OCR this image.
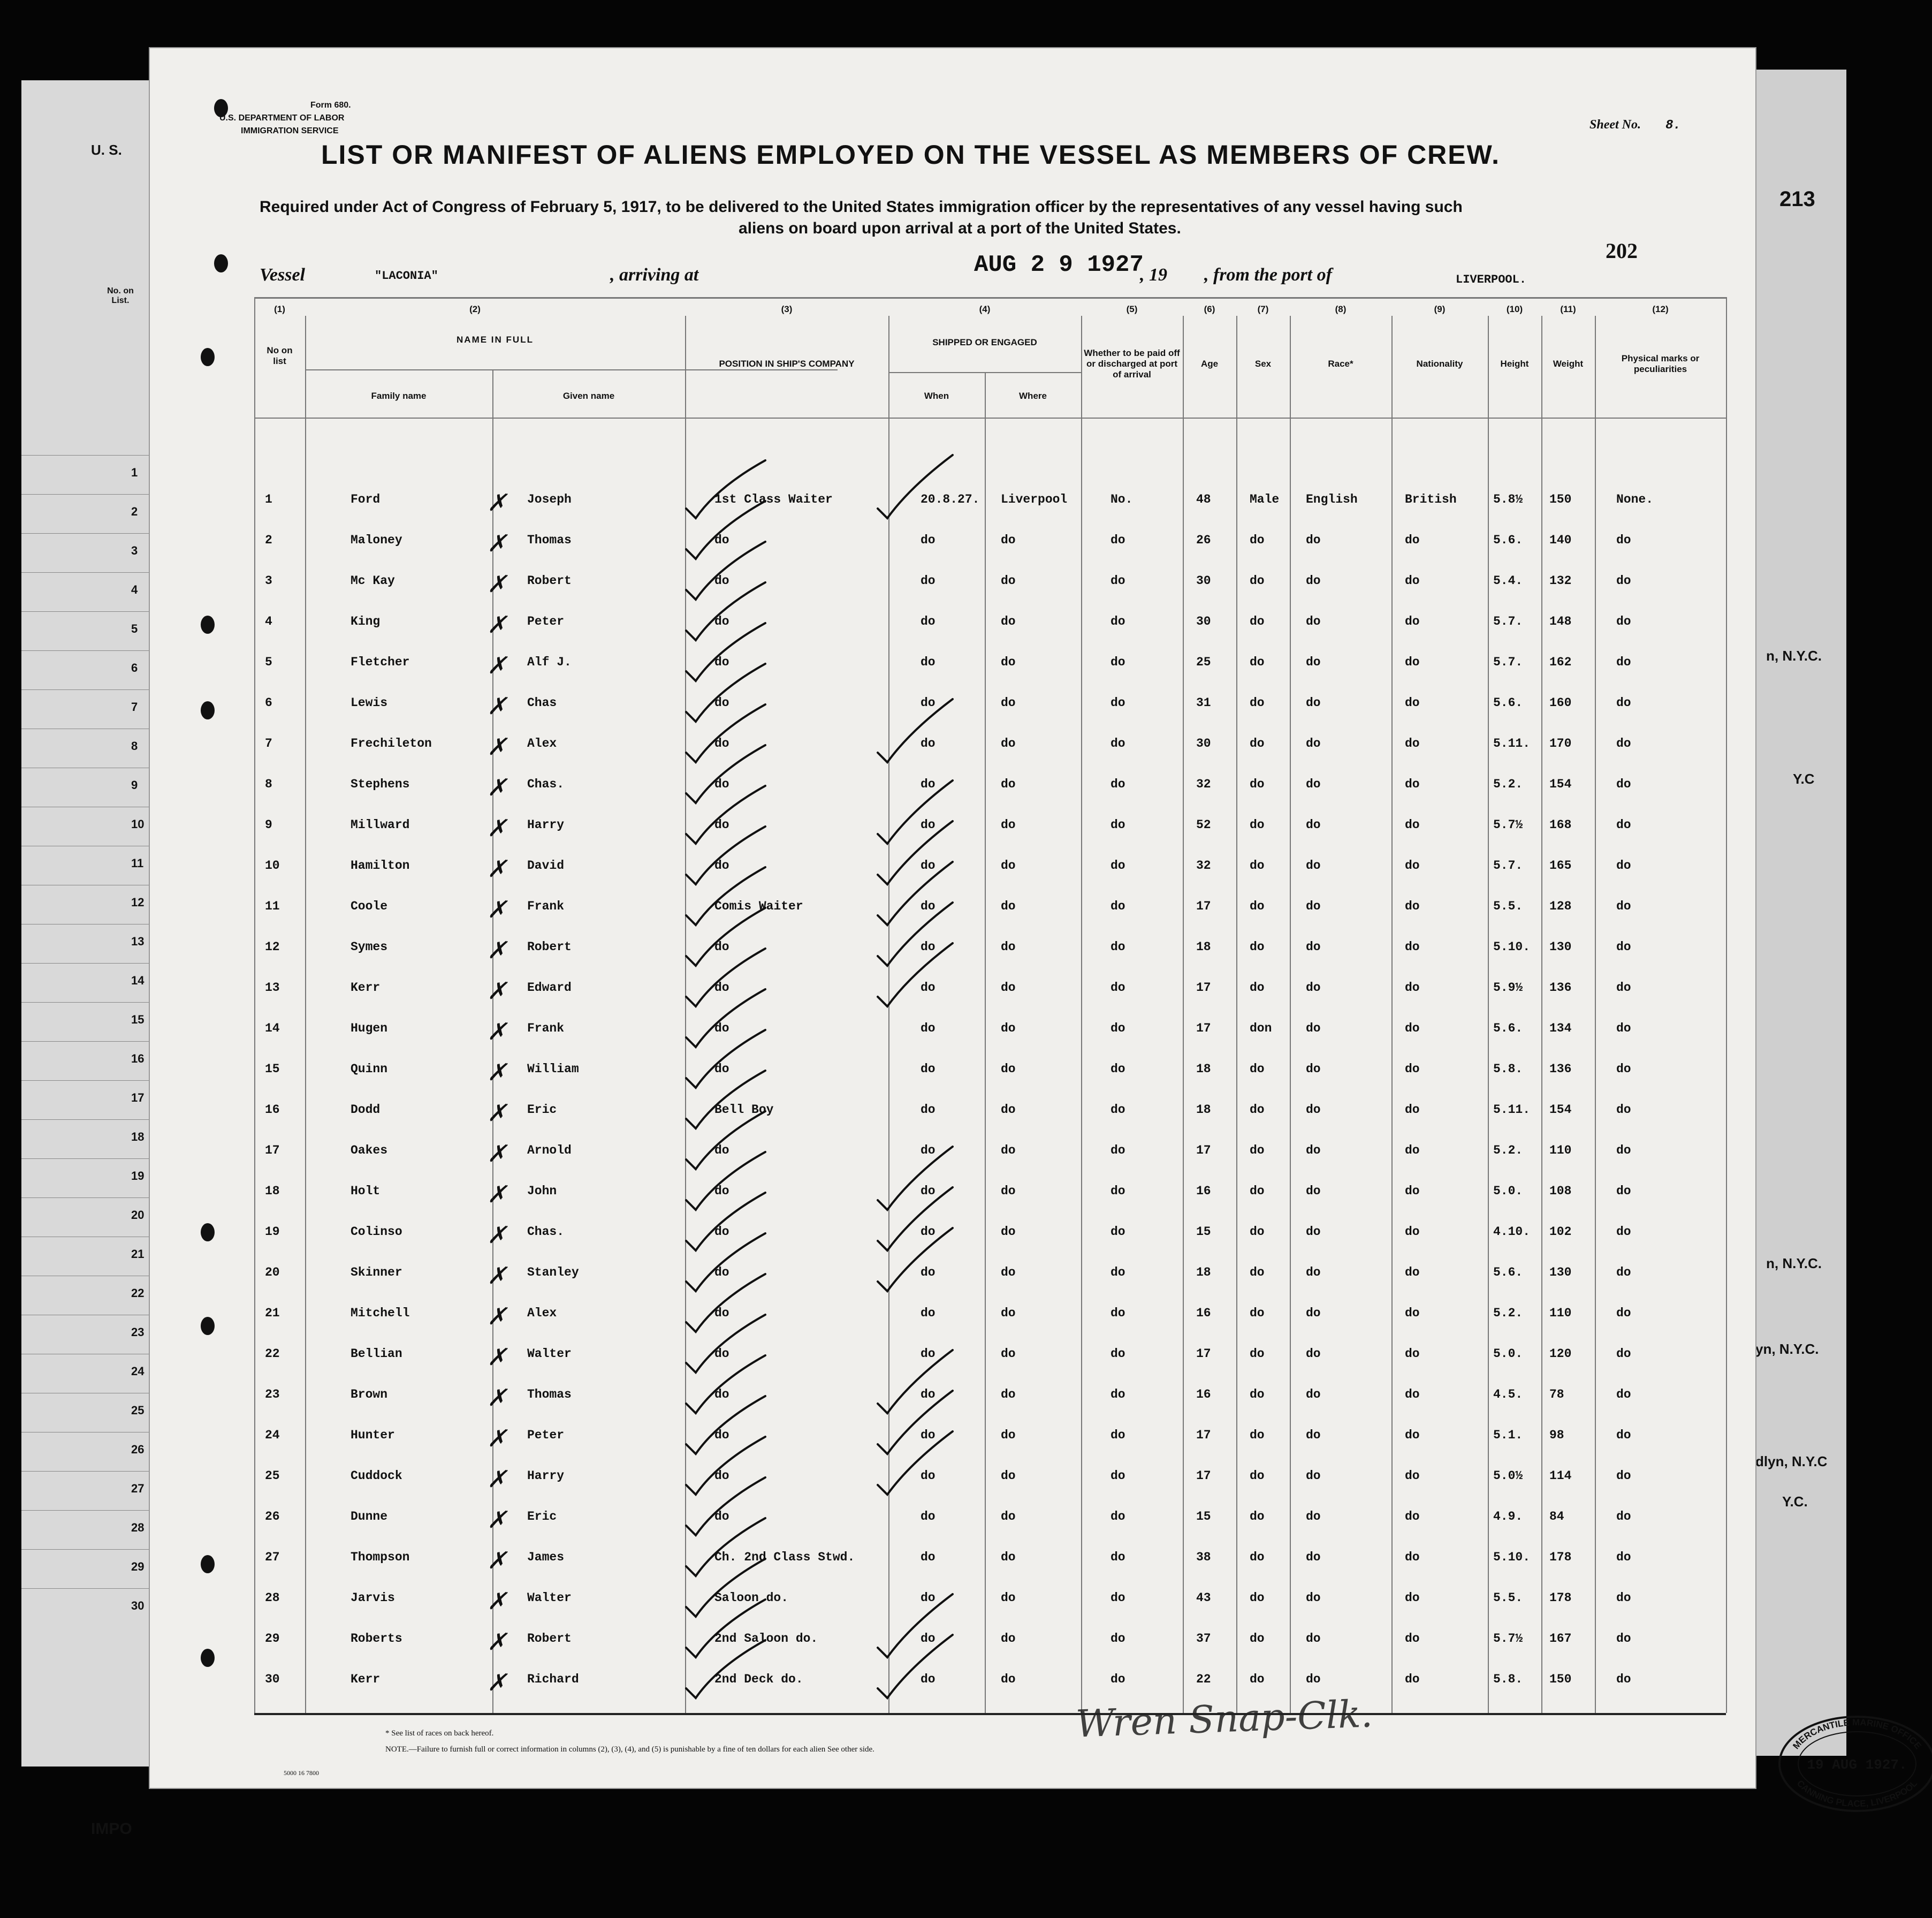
U. S.
No. on List.
1
2
3
4
5
6
7
8
9
10
11
12
13
14
15
16
17
18
19
20
21
22
23
24
25
26
27
28
29
30
IMPO
213
n, N.Y.C.
Y.C
n, N.Y.C.
yn, N.Y.C.
dlyn, N.Y.C
Y.C.
Form 680.
U.S. DEPARTMENT OF LABOR
IMMIGRATION SERVICE	Sheet No. 8.
LIST OR MANIFEST OF ALIENS EMPLOYED ON THE VESSEL AS MEMBERS OF CREW.
Required under Act of Congress of February 5, 1917, to be delivered to the United States immigration officer by the representatives of any vessel having such
aliens on board upon arrival at a port of the United States.
202
Vessel	"LACONIA"	, arriving at	AUG 2 9 1927
, 19 , from the port of	LIVERPOOL.
(1)	(2)	(3)	(4)	(5)	(6)	(7)	(8)	(9)	(10)	(11)	(12)
No on list
NAME IN FULL
Family name	Given name
POSITION IN SHIP'S COMPANY
SHIPPED OR ENGAGED
When	Where
Whether to be paid off or discharged at port of arrival
Age	Sex	Race*	Nationality	Height	Weight
Physical marks or peculiarities
1	Ford	Joseph	1st Class Waiter	20.8.27. Liverpool	No.	48	Male English	British	5.8½ 150	None.
✗
2	Maloney	Thomas	do	do	do	do	26	do	do	do	5.6. 140	do
✗
3	Mc Kay	Robert	do	do	do	do	30	do	do	do	5.4. 132	do
✗
4	King	Peter	do	do	do	do	30	do	do	do	5.7. 148	do
✗
5	Fletcher	Alf J.	do	do	do	do	25	do	do	do	5.7. 162	do
✗
6	Lewis	Chas	do	do	do	do	31	do	do	do	5.6. 160	do
✗
7	Frechileton	Alex	do	do	do	do	30	do	do	do	5.11. 170	do
✗
8	Stephens	Chas.	do	do	do	do	32	do	do	do	5.2. 154	do
✗
9	Millward	Harry	do	do	do	do	52	do	do	do	5.7½ 168	do
✗
10	Hamilton	David	do	do	do	do	32	do	do	do	5.7. 165	do
✗
11	Coole	Frank	Comis Waiter	do	do	do	17	do	do	do	5.5. 128	do
✗
12	Symes	Robert	do	do	do	do	18	do	do	do	5.10. 130	do
✗
13	Kerr	Edward	do	do	do	do	17	do	do	do	5.9½ 136	do
✗
14	Hugen	Frank	do	do	do	do	17	don	do	do	5.6. 134	do
✗
15	Quinn	William	do	do	do	do	18	do	do	do	5.8. 136	do
✗
16	Dodd	Eric	Bell Boy	do	do	do	18	do	do	do	5.11. 154	do
✗
17	Oakes	Arnold	do	do	do	do	17	do	do	do	5.2. 110	do
✗
18	Holt	John	do	do	do	do	16	do	do	do	5.0. 108	do
✗
19	Colinso	Chas.	do	do	do	do	15	do	do	do	4.10. 102	do
✗
20	Skinner	Stanley	do	do	do	do	18	do	do	do	5.6. 130	do
✗
21	Mitchell	Alex	do	do	do	do	16	do	do	do	5.2. 110	do
✗
22	Bellian	Walter	do	do	do	do	17	do	do	do	5.0. 120	do
✗
23	Brown	Thomas	do	do	do	do	16	do	do	do	4.5. 78	do
✗
24	Hunter	Peter	do	do	do	do	17	do	do	do	5.1. 98	do
✗
25	Cuddock	Harry	do	do	do	do	17	do	do	do	5.0½ 114	do
✗
26	Dunne	Eric	do	do	do	do	15	do	do	do	4.9. 84	do
✗
27	Thompson	James	Ch. 2nd Class Stwd.	do	do	do	38	do	do	do	5.10. 178	do
✗
28	Jarvis	Walter	Saloon do.	do	do	do	43	do	do	do	5.5. 178	do
✗
29	Roberts	Robert	2nd Saloon do.	do	do	do	37	do	do	do	5.7½ 167	do
✗
30	Kerr	Richard	2nd Deck do.	do	do	do	22	do	do	do	5.8. 150	do
✗
* See list of races on back hereof.
NOTE.—Failure to furnish full or correct information in columns (2), (3), (4), and (5) is punishable by a fine of ten dollars for each alien See other side.
5000 16 7800
Wren Snap-Clk.	MERCANTILE MARINE OFFICE
CANNING PLACE, LIVERPOOL
19 AUG 1927.
